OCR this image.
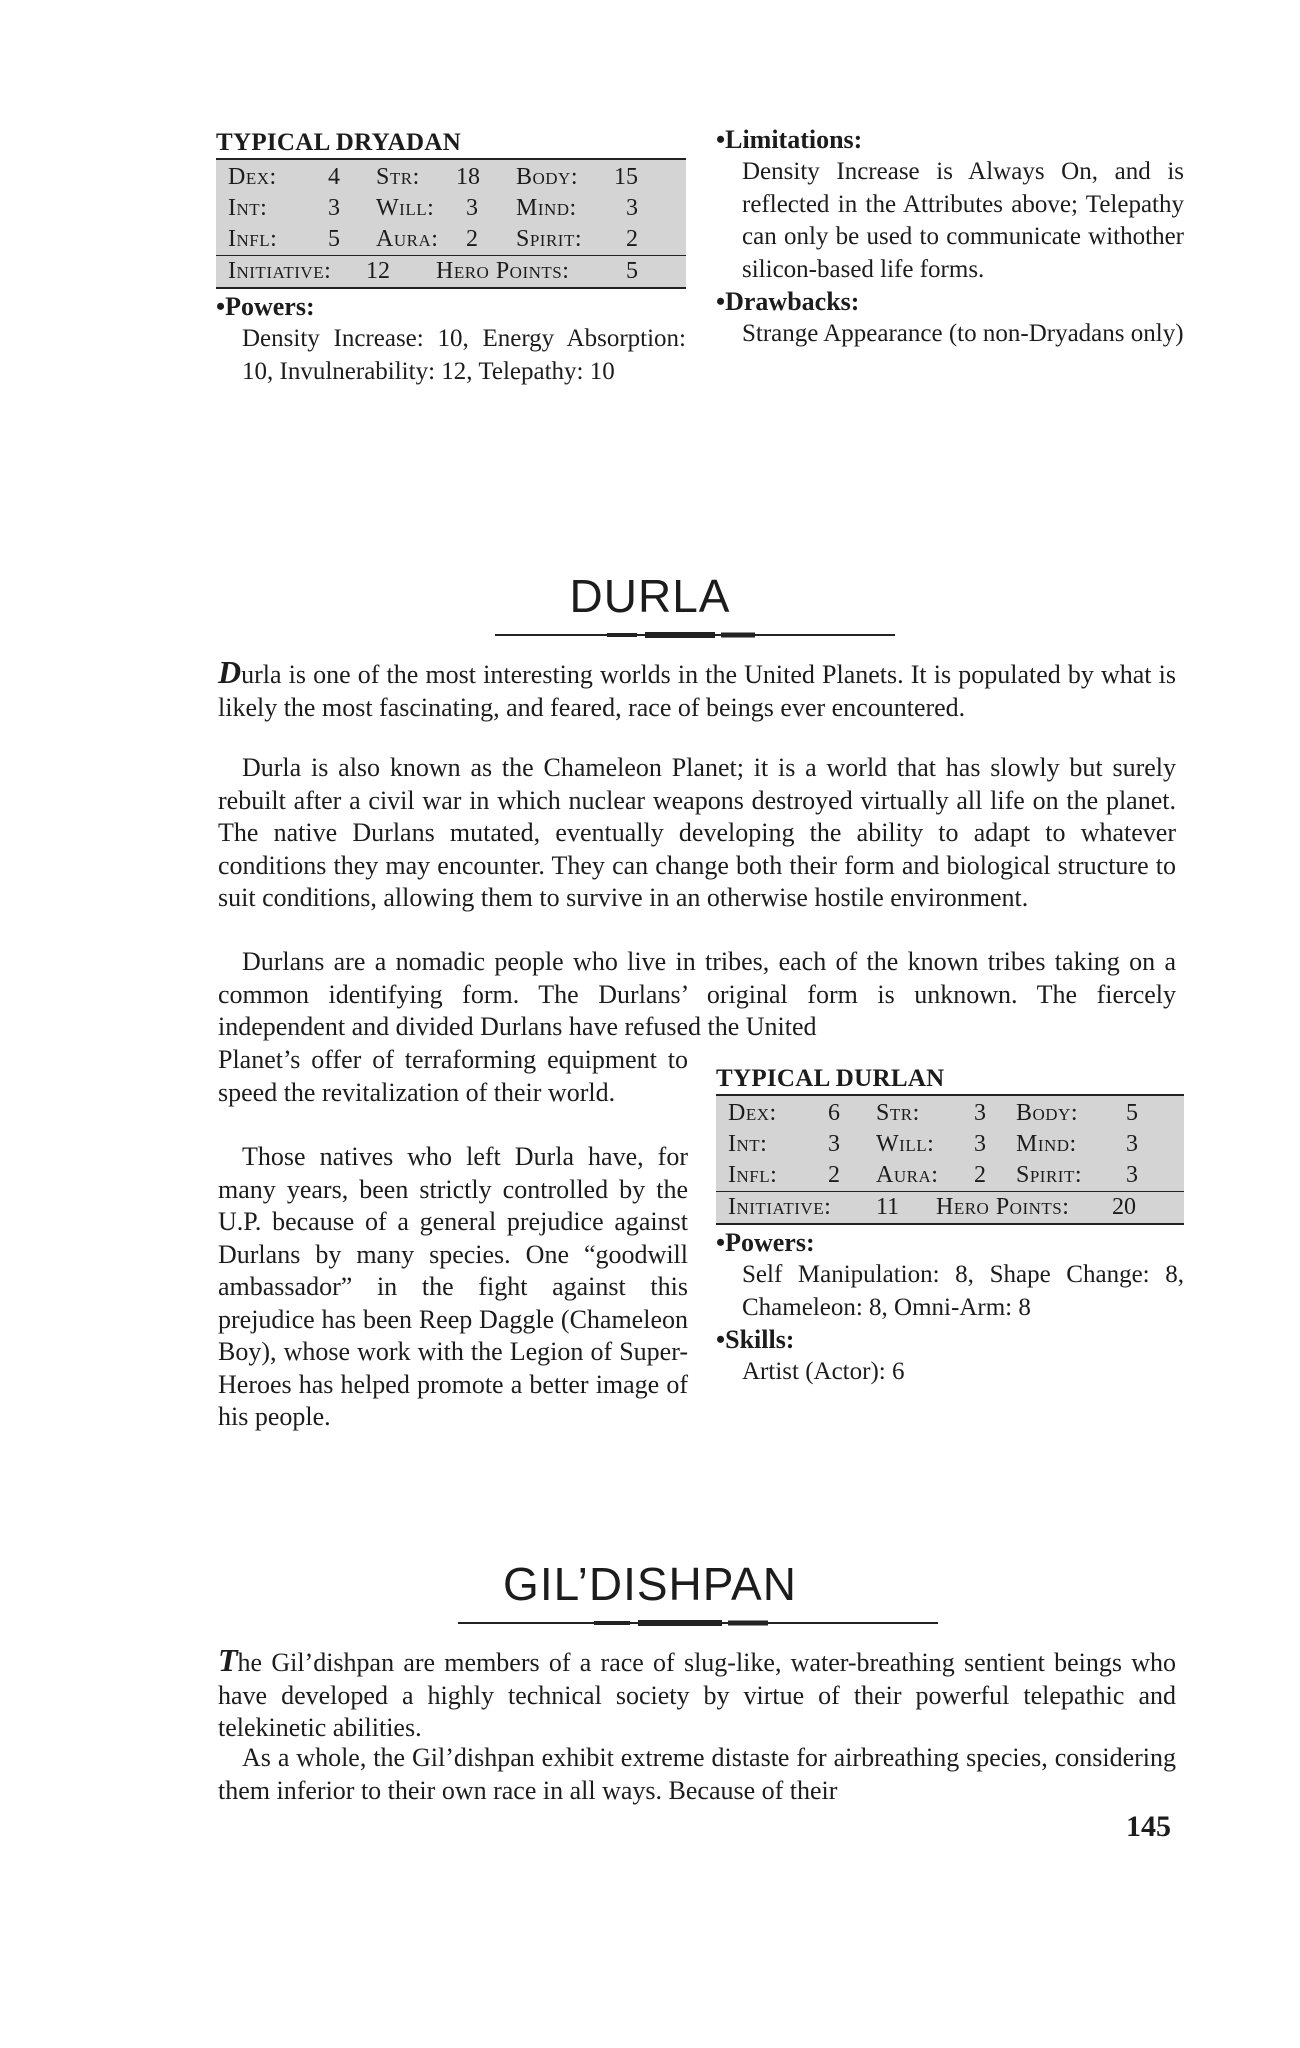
TYPICAL DRYADAN
Dex: 4 Str: 18 Body: 15
Int:	3 Will: 3 Mind: 3
Infl: 5 Aura: 2 Spirit: 2
Initiative: 12 Hero Points: 5
•Powers:
Density Increase: 10, Energy Absorption: 10, Invulnerability: 12, Telepathy: 10
•Limitations:
Density Increase is Always On, and is reflected in the Attributes above; Telepathy can only be used to communicate withother silicon-based life forms.
•Drawbacks:
Strange Appearance (to non-Dryadans only)
DURLA
Durla is one of the most interesting worlds in the United Planets. It is populated by what is likely the most fascinating, and feared, race of beings ever encountered.
Durla is also known as the Chameleon Planet; it is a world that has slowly but surely rebuilt after a civil war in which nuclear weapons destroyed virtually all life on the planet. The native Durlans mutated, eventually developing the ability to adapt to whatever conditions they may encounter. They can change both their form and biological structure to suit conditions, allowing them to survive in an otherwise hostile environment.
Durlans are a nomadic people who live in tribes, each of the known tribes taking on a common identifying form. The Durlans’ original form is unknown. The fiercely independent and divided Durlans have refused the United
Planet’s offer of terraforming equipment to speed the revitalization of their world.
Those natives who left Durla have, for many years, been strictly controlled by the U.P. because of a general prejudice against Durlans by many species. One “goodwill ambassador” in the fight against this prejudice has been Reep Daggle (Chameleon Boy), whose work with the Legion of Super-Heroes has helped promote a better image of his people.
TYPICAL DURLAN
Dex: 6 Str: 3 Body: 5
Int:	3 Will: 3 Mind: 3
Infl: 2 Aura: 2 Spirit: 3
Initiative: 11 Hero Points: 20
•Powers:
Self Manipulation: 8, Shape Change: 8, Chameleon: 8, Omni-Arm: 8
•Skills:
Artist (Actor): 6
GIL’DISHPAN
The Gil’dishpan are members of a race of slug-like, water-breathing sentient beings who have developed a highly technical society by virtue of their powerful telepathic and telekinetic abilities.
As a whole, the Gil’dishpan exhibit extreme distaste for airbreathing species, considering them inferior to their own race in all ways. Because of their
145
